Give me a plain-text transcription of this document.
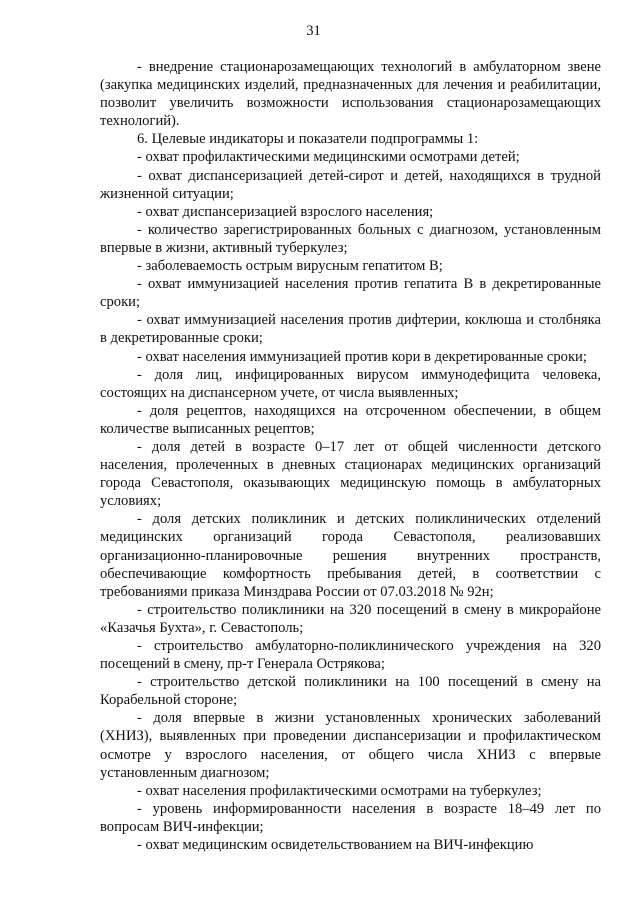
31

- внедрение стационарозамещающих технологий в амбулаторном звене (закупка медицинских изделий, предназначенных для лечения и реабилитации, позволит увеличить возможности использования стационарозамещающих технологий).

6. Целевые индикаторы и показатели подпрограммы 1:

- охват профилактическими медицинскими осмотрами детей;

- охват диспансеризацией детей-сирот и детей, находящихся в трудной жизненной ситуации;

- охват диспансеризацией взрослого населения;

- количество зарегистрированных больных с диагнозом, установленным впервые в жизни, активный туберкулез;

- заболеваемость острым вирусным гепатитом В;

- охват иммунизацией населения против гепатита В в декретированные сроки;

- охват иммунизацией населения против дифтерии, коклюша и столбняка в декретированные сроки;

- охват населения иммунизацией против кори в декретированные сроки;

- доля лиц, инфицированных вирусом иммунодефицита человека, состоящих на диспансерном учете, от числа выявленных;

- доля рецептов, находящихся на отсроченном обеспечении, в общем количестве выписанных рецептов;

- доля детей в возрасте 0–17 лет от общей численности детского населения, пролеченных в дневных стационарах медицинских организаций города Севастополя, оказывающих медицинскую помощь в амбулаторных условиях;

- доля детских поликлиник и детских поликлинических отделений медицинских организаций города Севастополя, реализовавших организационно-планировочные решения внутренних пространств, обеспечивающие комфортность пребывания детей, в соответствии с требованиями приказа Минздрава России от 07.03.2018 № 92н;

- строительство поликлиники на 320 посещений в смену в микрорайоне «Казачья Бухта», г. Севастополь;

- строительство амбулаторно-поликлинического учреждения на 320 посещений в смену, пр-т Генерала Острякова;

- строительство детской поликлиники на 100 посещений в смену на Корабельной стороне;

- доля впервые в жизни установленных хронических заболеваний (ХНИЗ), выявленных при проведении диспансеризации и профилактическом осмотре у взрослого населения, от общего числа ХНИЗ с впервые установленным диагнозом;

- охват населения профилактическими осмотрами на туберкулез;

- уровень информированности населения в возрасте 18–49 лет по вопросам ВИЧ-инфекции;

- охват медицинским освидетельствованием на ВИЧ-инфекцию
